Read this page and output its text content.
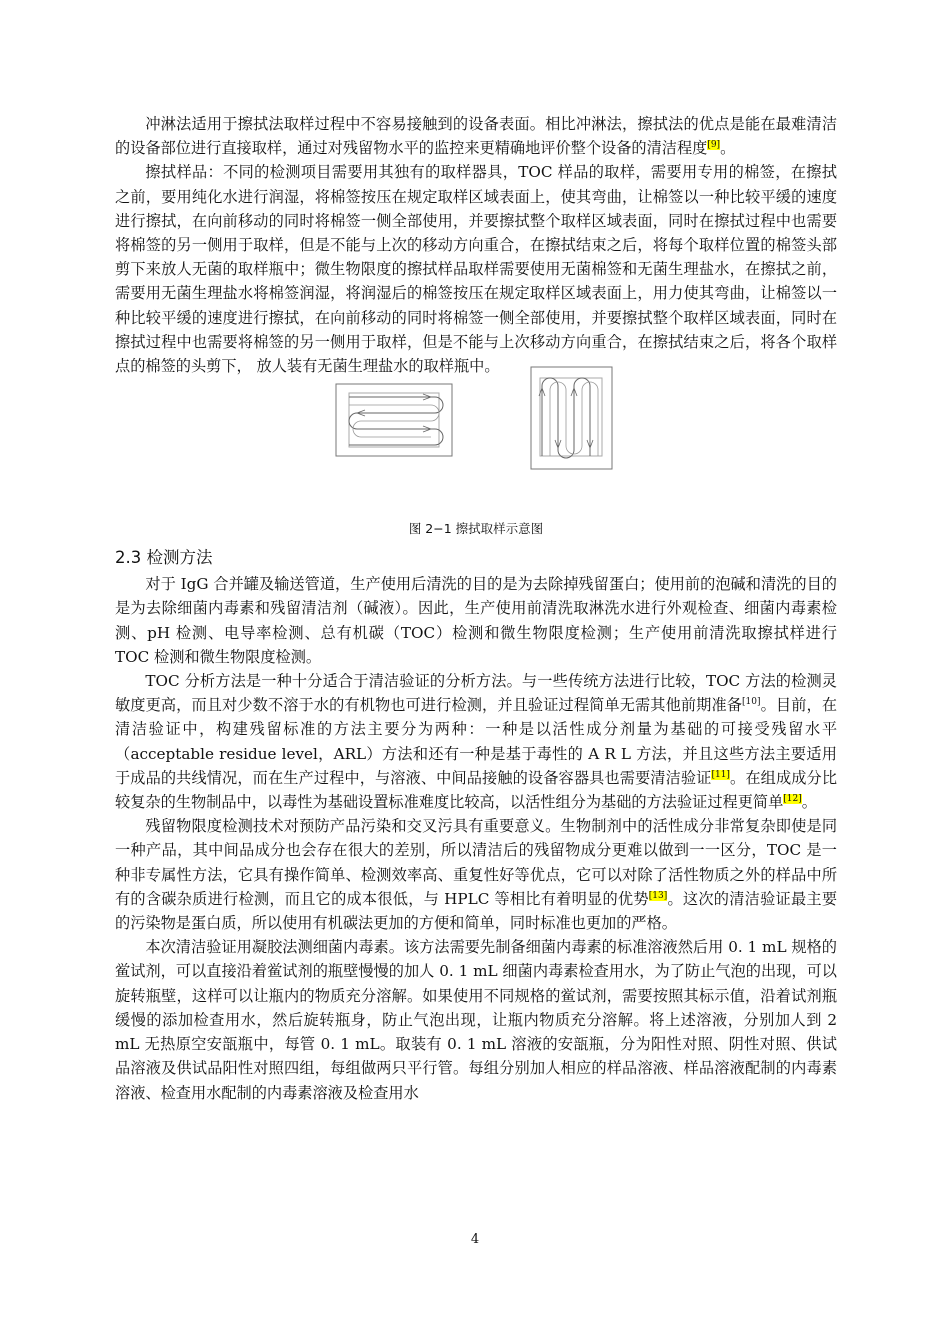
冲淋法适用于擦拭法取样过程中不容易接触到的设备表面。相比冲淋法，擦拭法的优点是能在最难清洁的设备部位进行直接取样，通过对残留物水平的监控来更精确地评价整个设备的清洁程度[9]。

擦拭样品：不同的检测项目需要用其独有的取样器具，TOC 样品的取样，需要用专用的棉签，在擦拭之前，要用纯化水进行润湿，将棉签按压在规定取样区域表面上，使其弯曲，让棉签以一种比较平缓的速度进行擦拭，在向前移动的同时将棉签一侧全部使用，并要擦拭整个取样区域表面，同时在擦拭过程中也需要将棉签的另一侧用于取样，但是不能与上次的移动方向重合，在擦拭结束之后，将每个取样位置的棉签头部剪下来放人无菌的取样瓶中；微生物限度的擦拭样品取样需要使用无菌棉签和无菌生理盐水，在擦拭之前，需要用无菌生理盐水将棉签润湿，将润湿后的棉签按压在规定取样区域表面上，用力使其弯曲，让棉签以一种比较平缓的速度进行擦拭，在向前移动的同时将棉签一侧全部使用，并要擦拭整个取样区域表面，同时在擦拭过程中也需要将棉签的另一侧用于取样，但是不能与上次移动方向重合，在擦拭结束之后，将各个取样点的棉签的头剪下， 放人装有无菌生理盐水的取样瓶中。

图 2−1 擦拭取样示意图
2.3 检测方法

对于 IgG 合并罐及输送管道，生产使用后清洗的目的是为去除掉残留蛋白；使用前的泡碱和清洗的目的是为去除细菌内毒素和残留清洁剂（碱液）。因此，生产使用前清洗取淋洗水进行外观检查、细菌内毒素检测、pH 检测、电导率检测、总有机碳（TOC）检测和微生物限度检测；生产使用前清洗取擦拭样进行 TOC 检测和微生物限度检测。

TOC 分析方法是一种十分适合于清洁验证的分析方法。与一些传统方法进行比较，TOC 方法的检测灵敏度更高，而且对少数不溶于水的有机物也可进行检测，并且验证过程简单无需其他前期准备[10]。目前，在清洁验证中，构建残留标准的方法主要分为两种：一种是以活性成分剂量为基础的可接受残留水平（acceptable residue level，ARL）方法和还有一种是基于毒性的 A R L 方法，并且这些方法主要适用于成品的共线情况，而在生产过程中，与溶液、中间品接触的设备容器具也需要清洁验证[11]。在组成成分比较复杂的生物制品中，以毒性为基础设置标准难度比较高，以活性组分为基础的方法验证过程更简单[12]。

残留物限度检测技术对预防产品污染和交叉污具有重要意义。生物制剂中的活性成分非常复杂即使是同一种产品，其中间品成分也会存在很大的差别，所以清洁后的残留物成分更难以做到一一区分，TOC 是一种非专属性方法，它具有操作简单、检测效率高、重复性好等优点，它可以对除了活性物质之外的样品中所有的含碳杂质进行检测，而且它的成本很低，与 HPLC 等相比有着明显的优势[13]。这次的清洁验证最主要的污染物是蛋白质，所以使用有机碳法更加的方便和简单，同时标准也更加的严格。

本次清洁验证用凝胶法测细菌内毒素。该方法需要先制备细菌内毒素的标准溶液然后用 0. 1 mL 规格的鲎试剂，可以直接沿着鲎试剂的瓶壁慢慢的加人 0. 1 mL 细菌内毒素检查用水，为了防止气泡的出现，可以旋转瓶壁，这样可以让瓶内的物质充分溶解。如果使用不同规格的鲎试剂，需要按照其标示值，沿着试剂瓶缓慢的添加检查用水，然后旋转瓶身，防止气泡出现，让瓶内物质充分溶解。将上述溶液，分别加人到 2 mL 无热原空安瓿瓶中，每管 0. 1 mL。取装有 0. 1 mL 溶液的安瓿瓶，分为阳性对照、阴性对照、供试品溶液及供试品阳性对照四组，每组做两只平行管。每组分别加人相应的样品溶液、样品溶液配制的内毒素溶液、检查用水配制的内毒素溶液及检查用水

4
